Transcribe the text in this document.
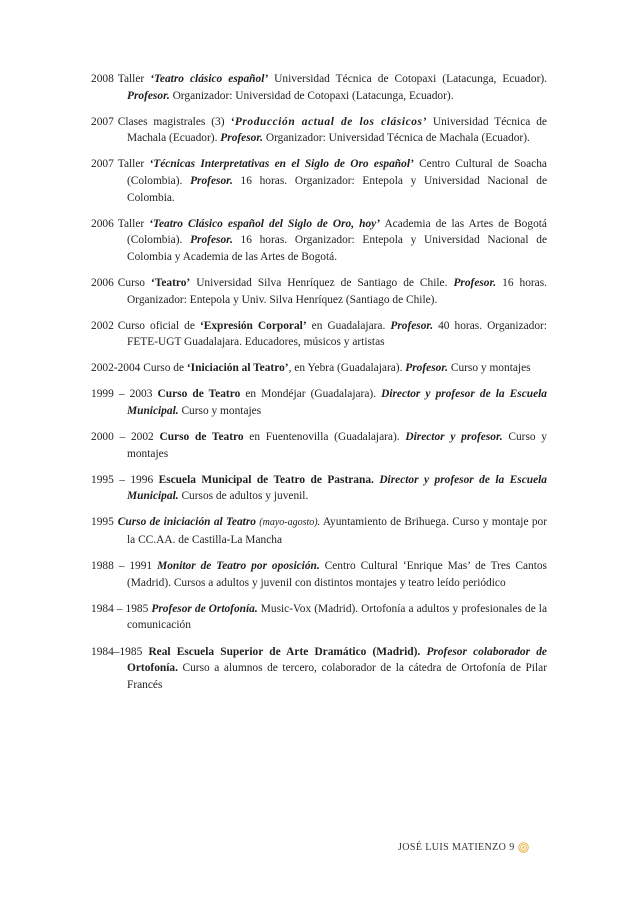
2008 Taller ‘Teatro clásico español’ Universidad Técnica de Cotopaxi (Latacunga, Ecuador). Profesor. Organizador: Universidad de Cotopaxi (Latacunga, Ecuador).

2007 Clases magistrales (3) ‘Producción actual de los clásicos’ Universidad Técnica de Machala (Ecuador). Profesor. Organizador: Universidad Técnica de Machala (Ecuador).

2007 Taller ‘Técnicas Interpretativas en el Siglo de Oro español’ Centro Cultural de Soacha (Colombia). Profesor. 16 horas. Organizador: Entepola y Universidad Nacional de Colombia.

2006 Taller ‘Teatro Clásico español del Siglo de Oro, hoy’ Academia de las Artes de Bogotá (Colombia). Profesor. 16 horas. Organizador: Entepola y Universidad Nacional de Colombia y Academia de las Artes de Bogotá.

2006 Curso ‘Teatro’ Universidad Silva Henríquez de Santiago de Chile. Profesor. 16 horas. Organizador: Entepola y Univ. Silva Henríquez (Santiago de Chile).

2002 Curso oficial de ‘Expresión Corporal’ en Guadalajara. Profesor. 40 horas. Organizador: FETE-UGT Guadalajara. Educadores, músicos y artistas

2002-2004 Curso de ‘Iniciación al Teatro’, en Yebra (Guadalajara). Profesor. Curso y montajes

1999 – 2003 Curso de Teatro en Mondéjar (Guadalajara). Director y profesor de la Escuela Municipal. Curso y montajes

2000 – 2002 Curso de Teatro en Fuentenovilla (Guadalajara). Director y profesor. Curso y montajes

1995 – 1996 Escuela Municipal de Teatro de Pastrana. Director y profesor de la Escuela Municipal. Cursos de adultos y juvenil.

1995 Curso de iniciación al Teatro (mayo-agosto). Ayuntamiento de Brihuega. Curso y montaje por la CC.AA. de Castilla-La Mancha

1988 – 1991 Monitor de Teatro por oposición. Centro Cultural ‘Enrique Mas’ de Tres Cantos (Madrid). Cursos a adultos y juvenil con distintos montajes y teatro leído periódico

1984 – 1985 Profesor de Ortofonía. Music-Vox (Madrid). Ortofonía a adultos y profesionales de la comunicación

1984–1985 Real Escuela Superior de Arte Dramático (Madrid). Profesor colaborador de Ortofonía. Curso a alumnos de tercero, colaborador de la cátedra de Ortofonía de Pilar Francés

JOSÉ LUIS MATIENZO 9
